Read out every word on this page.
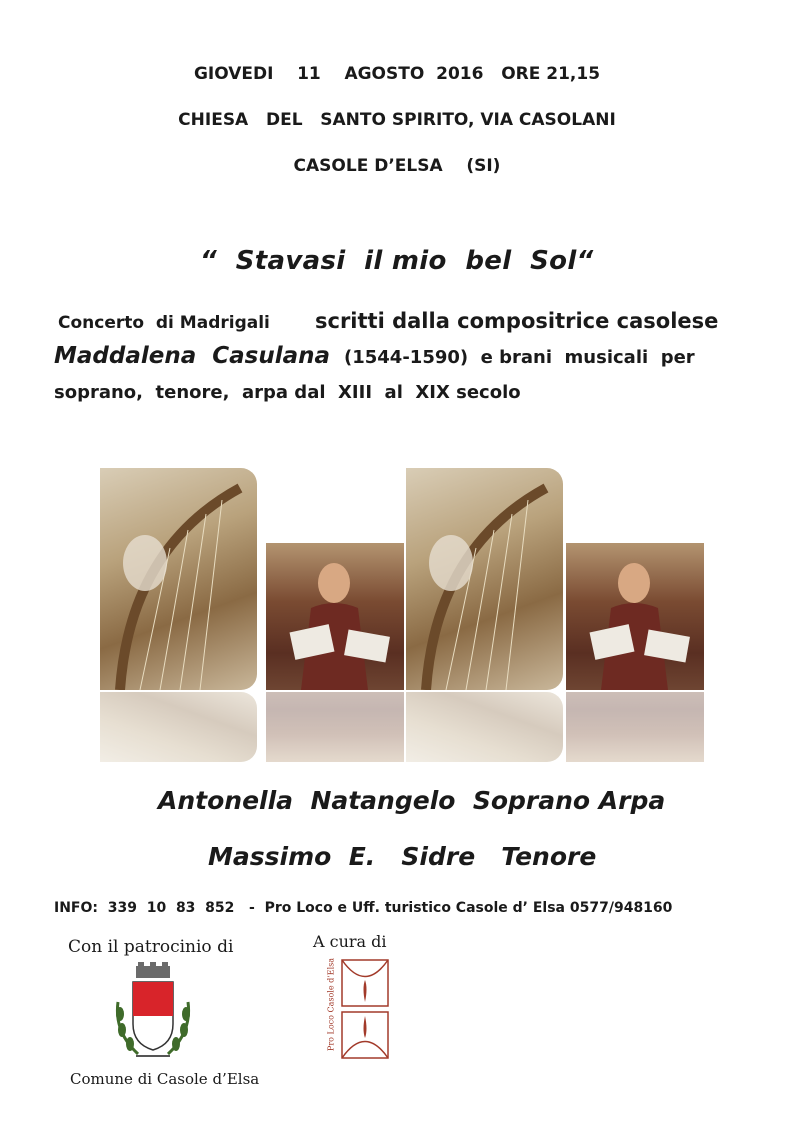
GIOVEDI    11    AGOSTO  2016   ORE 21,15
CHIESA   DEL   SANTO SPIRITO, VIA CASOLANI
CASOLE D’ELSA    (SI)
“  Stavasi  il mio  bel  Sol“
Concerto  di Madrigali scritti dalla compositrice casolese
Maddalena  Casulana (1544-1590)  e brani  musicali  per
soprano,  tenore,  arpa dal  XIII  al  XIX secolo
Antonella  Natangelo  Soprano Arpa
Massimo  E.   Sidre   Tenore
INFO:  339  10  83  852   -  Pro Loco e Uff. turistico Casole d’ Elsa 0577/948160
Con il patrocinio di
Comune di Casole d’Elsa
A cura di
Pro Loco Casole d’Elsa
